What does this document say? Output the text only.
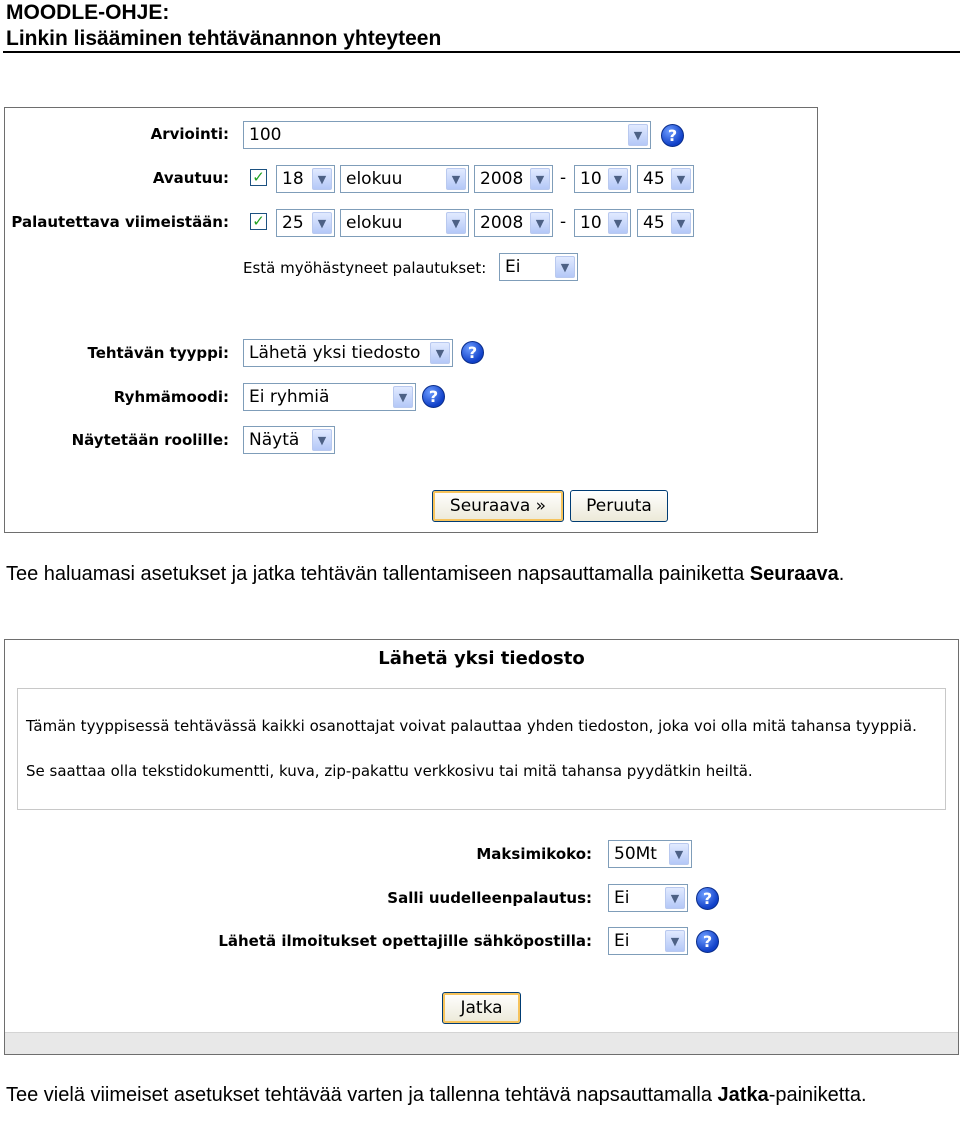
MOODLE-OHJE:
Linkin lisääminen tehtävänannon yhteyteen
Arviointi: 100	▼	?
Avautuu: ✓ 18	▼	elokuu	▼	2008	▼ - 10	▼	45	▼
Palautettava viimeistään: ✓ 25	▼	elokuu	▼	2008	▼ - 10	▼	45	▼
Estä myöhästyneet palautukset: Ei	▼
Tehtävän tyyppi: Lähetä yksi tiedosto	▼	?
Ryhmämoodi: Ei ryhmiä	▼	?
Näytetään roolille: Näytä	▼
Seuraava »	Peruuta
Tee haluamasi asetukset ja jatka tehtävän tallentamiseen napsauttamalla painiketta Seuraava.
Lähetä yksi tiedosto

Tämän tyyppisessä tehtävässä kaikki osanottajat voivat palauttaa yhden tiedoston, joka voi olla mitä tahansa tyyppiä.

Se saattaa olla tekstidokumentti, kuva, zip-pakattu verkkosivu tai mitä tahansa pyydätkin heiltä.

Maksimikoko: 50Mt	▼
Salli uudelleenpalautus: Ei	▼	?
Lähetä ilmoitukset opettajille sähköpostilla: Ei	▼	?
Jatka
Tee vielä viimeiset asetukset tehtävää varten ja tallenna tehtävä napsauttamalla Jatka-painiketta.
